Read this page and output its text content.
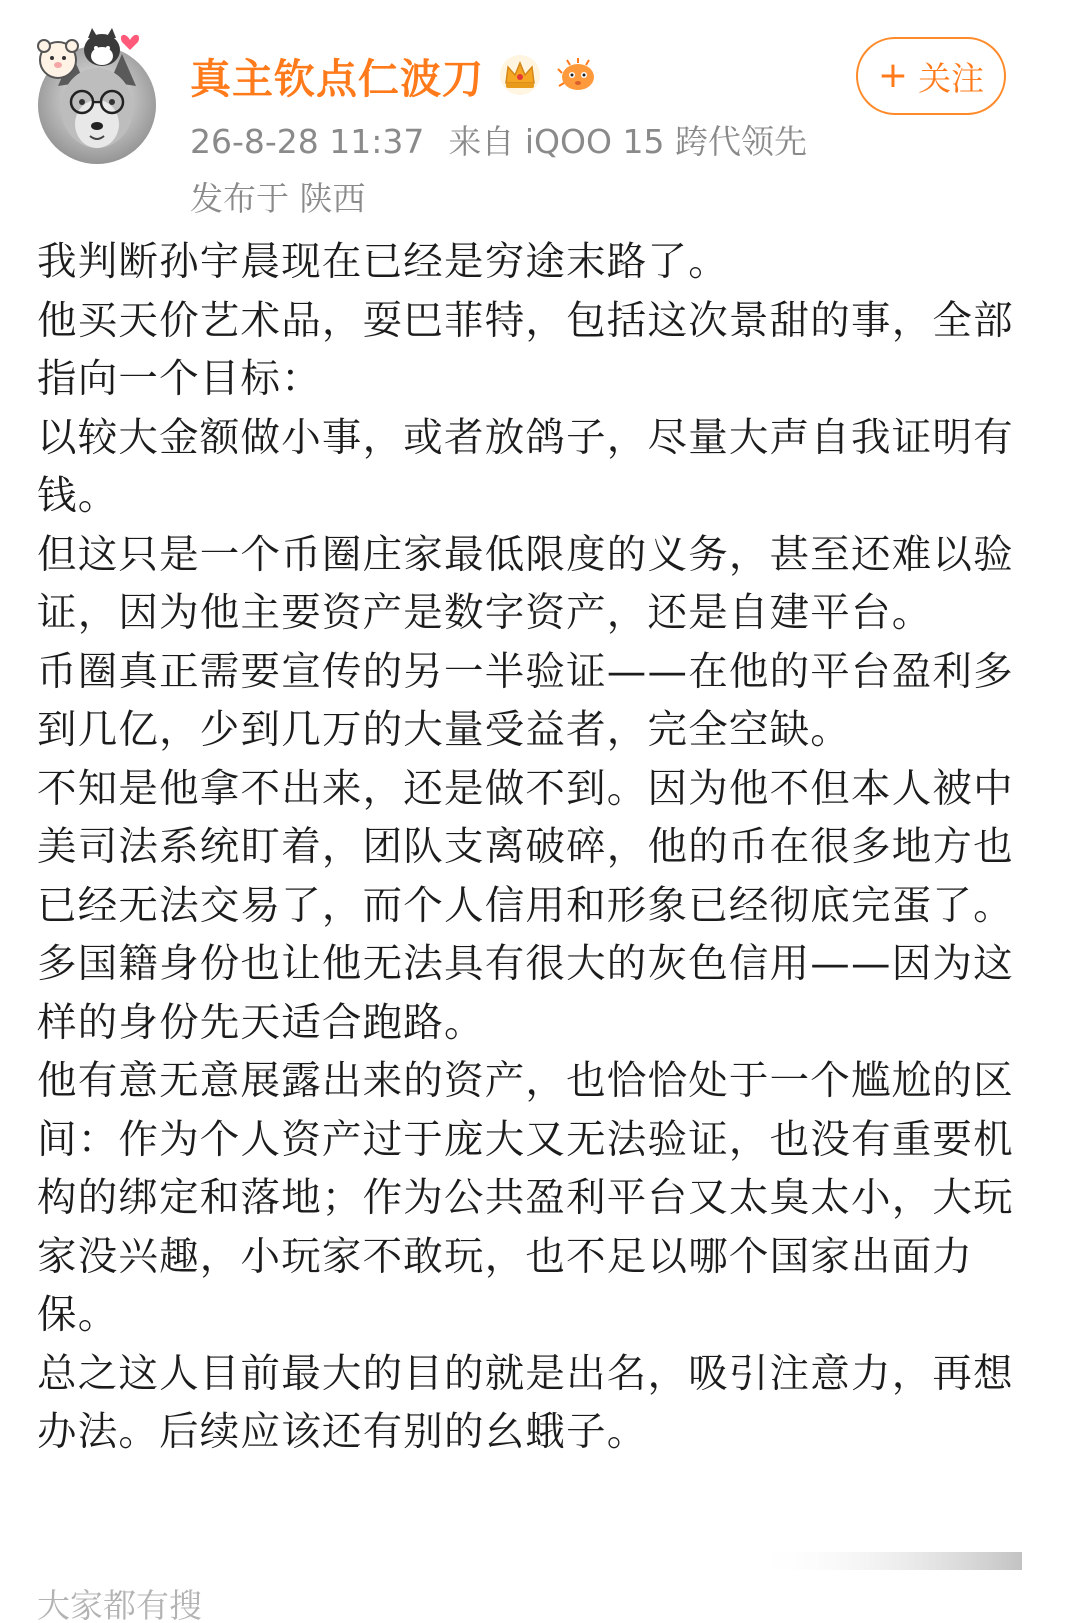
真主钦点仁波刀
26-8-28 11:37 来自 iQOO 15 跨代领先
发布于 陕西
+ 关注

我判断孙宇晨现在已经是穷途末路了。

他买天价艺术品，耍巴菲特，包括这次景甜的事，全部指向一个目标：

以较大金额做小事，或者放鸽子，尽量大声自我证明有钱。

但这只是一个币圈庄家最低限度的义务，甚至还难以验证，因为他主要资产是数字资产，还是自建平台。

币圈真正需要宣传的另一半验证——在他的平台盈利多到几亿，少到几万的大量受益者，完全空缺。

不知是他拿不出来，还是做不到。因为他不但本人被中美司法系统盯着，团队支离破碎，他的币在很多地方也已经无法交易了，而个人信用和形象已经彻底完蛋了。多国籍身份也让他无法具有很大的灰色信用——因为这样的身份先天适合跑路。

他有意无意展露出来的资产，也恰恰处于一个尴尬的区间：作为个人资产过于庞大又无法验证，也没有重要机构的绑定和落地；作为公共盈利平台又太臭太小，大玩家没兴趣，小玩家不敢玩，也不足以哪个国家出面力保。

总之这人目前最大的目的就是出名，吸引注意力，再想办法。后续应该还有别的幺蛾子。

大家都有搜
